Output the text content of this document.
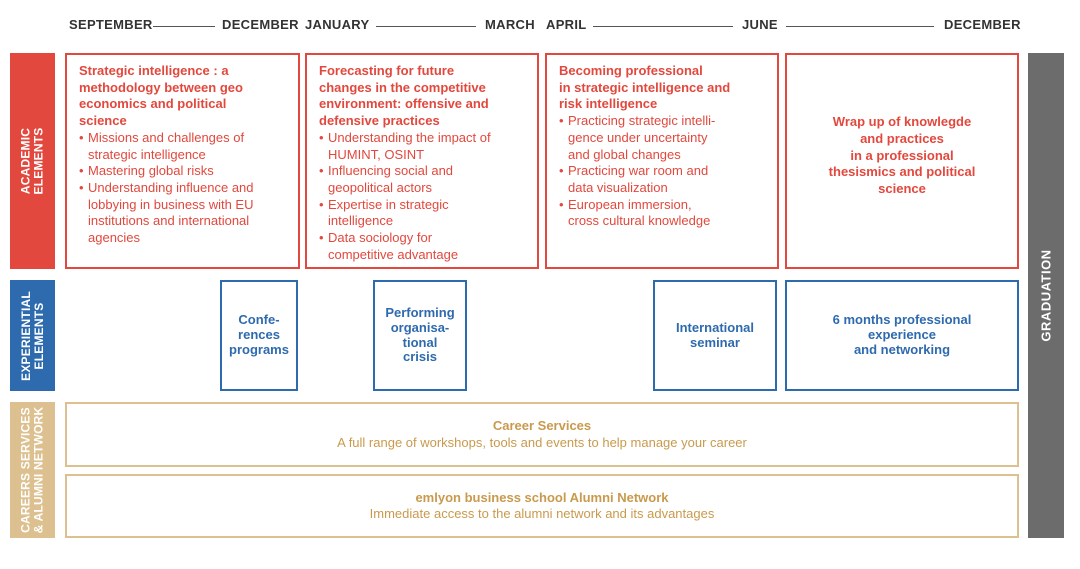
SEPTEMBER	DECEMBER JANUARY	MARCH APRIL	JUNE	DECEMBER
ACADEMIC
ELEMENTS
EXPERIENTIAL
ELEMENTS
CAREERS SERVICES
& ALUMNI NETWORK

Strategic intelligence : a
methodology between geo
economics and political
science

• Missions and challenges of
strategic intelligence
• Mastering global risks
• Understanding influence and
lobbying in business with EU
institutions and international
agencies

Forecasting for future
changes in the competitive
environment: offensive and
defensive practices

• Understanding the impact of
HUMINT, OSINT
• Influencing social and
geopolitical actors
• Expertise in strategic
intelligence
• Data sociology for
competitive advantage

Becoming professional
in strategic intelligence and
risk intelligence

• Practicing strategic intelli-
gence under uncertainty
and global changes
• Practicing war room and
data visualization
• European immersion,
cross cultural knowledge
Wrap up of knowlegde
and practices
in a professional
thesismics and political
science
Confe-
rences
programs
Performing
organisa-
tional
crisis
International
seminar
6 months professional
experience
and networking
Career Services
A full range of workshops, tools and events to help manage your career
emlyon business school Alumni Network
Immediate access to the alumni network and its advantages
GRADUATION
